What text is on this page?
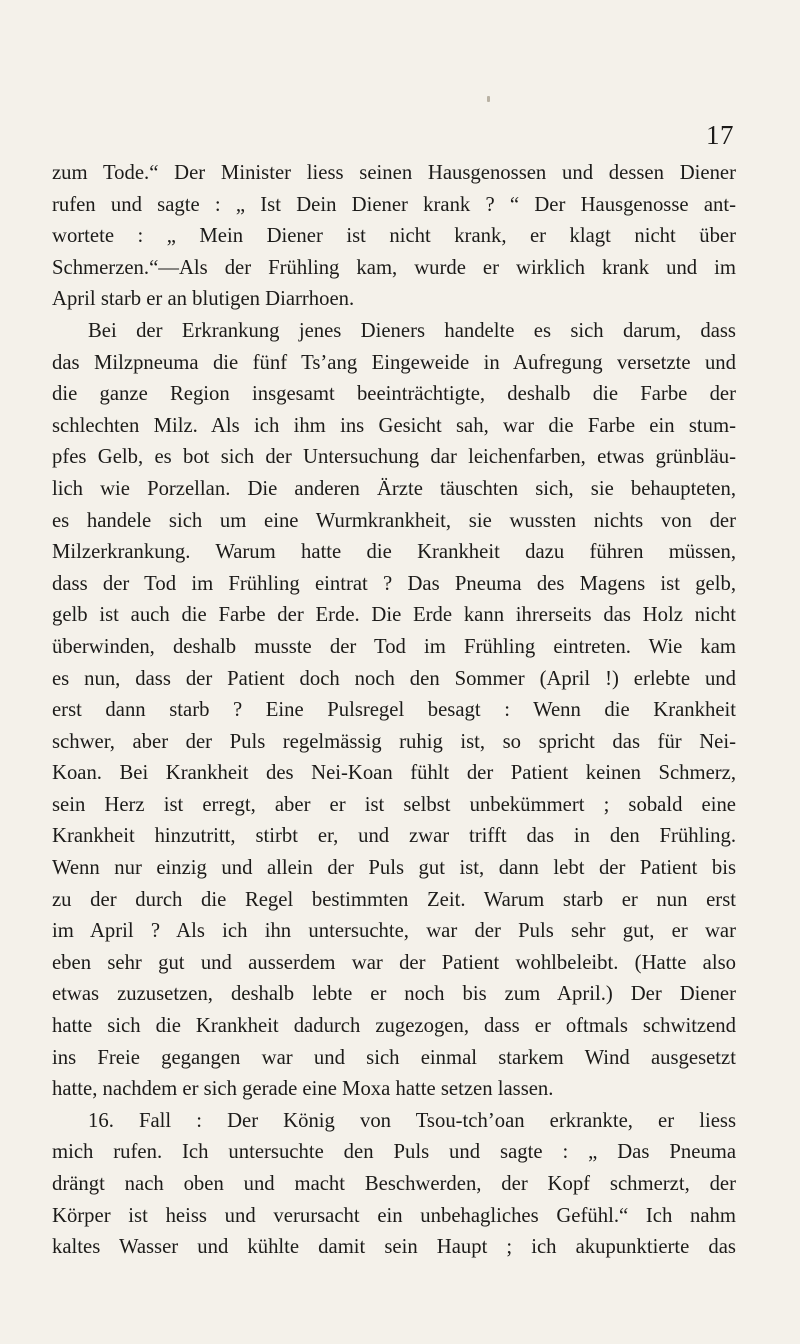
17
zum Tode.“ Der Minister liess seinen Hausgenossen und dessen Diener
rufen und sagte : „ Ist Dein Diener krank ? “ Der Hausgenosse ant-
wortete : „ Mein Diener ist nicht krank, er klagt nicht über
Schmerzen.“—Als der Frühling kam, wurde er wirklich krank und im
April starb er an blutigen Diarrhoen.
Bei der Erkrankung jenes Dieners handelte es sich darum, dass
das Milzpneuma die fünf Ts’ang Eingeweide in Aufregung versetzte und
die ganze Region insgesamt beeinträchtigte, deshalb die Farbe der
schlechten Milz. Als ich ihm ins Gesicht sah, war die Farbe ein stum-
pfes Gelb, es bot sich der Untersuchung dar leichenfarben, etwas grünbläu-
lich wie Porzellan. Die anderen Ärzte täuschten sich, sie behaupteten,
es handele sich um eine Wurmkrankheit, sie wussten nichts von der
Milzerkrankung. Warum hatte die Krankheit dazu führen müssen,
dass der Tod im Frühling eintrat ? Das Pneuma des Magens ist gelb,
gelb ist auch die Farbe der Erde. Die Erde kann ihrerseits das Holz nicht
überwinden, deshalb musste der Tod im Frühling eintreten. Wie kam
es nun, dass der Patient doch noch den Sommer (April !) erlebte und
erst dann starb ? Eine Pulsregel besagt : Wenn die Krankheit
schwer, aber der Puls regelmässig ruhig ist, so spricht das für Nei-
Koan. Bei Krankheit des Nei-Koan fühlt der Patient keinen Schmerz,
sein Herz ist erregt, aber er ist selbst unbekümmert ; sobald eine
Krankheit hinzutritt, stirbt er, und zwar trifft das in den Frühling.
Wenn nur einzig und allein der Puls gut ist, dann lebt der Patient bis
zu der durch die Regel bestimmten Zeit. Warum starb er nun erst
im April ? Als ich ihn untersuchte, war der Puls sehr gut, er war
eben sehr gut und ausserdem war der Patient wohlbeleibt. (Hatte also
etwas zuzusetzen, deshalb lebte er noch bis zum April.) Der Diener
hatte sich die Krankheit dadurch zugezogen, dass er oftmals schwitzend
ins Freie gegangen war und sich einmal starkem Wind ausgesetzt
hatte, nachdem er sich gerade eine Moxa hatte setzen lassen.
16. Fall : Der König von Tsou-tch’oan erkrankte, er liess
mich rufen. Ich untersuchte den Puls und sagte : „ Das Pneuma
drängt nach oben und macht Beschwerden, der Kopf schmerzt, der
Körper ist heiss und verursacht ein unbehagliches Gefühl.“ Ich nahm
kaltes Wasser und kühlte damit sein Haupt ; ich akupunktierte das
